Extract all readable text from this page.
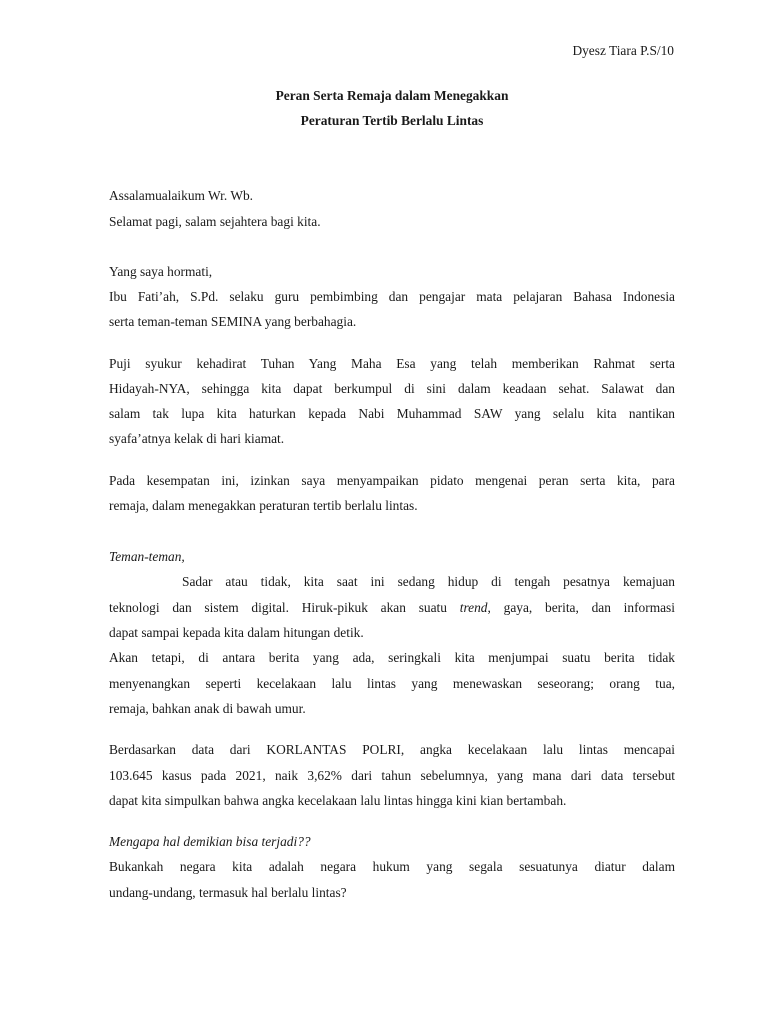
Dyesz Tiara P.S/10
Peran Serta Remaja dalam Menegakkan
Peraturan Tertib Berlalu Lintas
Assalamualaikum Wr. Wb.
Selamat pagi, salam sejahtera bagi kita.
Yang saya hormati,
Ibu Fati’ah, S.Pd. selaku guru pembimbing dan pengajar mata pelajaran Bahasa Indonesia
serta teman-teman SEMINA yang berbahagia.
Puji syukur kehadirat Tuhan Yang Maha Esa yang telah memberikan Rahmat serta
Hidayah-NYA, sehingga kita dapat berkumpul di sini dalam keadaan sehat. Salawat dan
salam tak lupa kita haturkan kepada Nabi Muhammad SAW yang selalu kita nantikan
syafa’atnya kelak di hari kiamat.
Pada kesempatan ini, izinkan saya menyampaikan pidato mengenai peran serta kita, para
remaja, dalam menegakkan peraturan tertib berlalu lintas.
Teman-teman,
Sadar atau tidak, kita saat ini sedang hidup di tengah pesatnya kemajuan
teknologi dan sistem digital. Hiruk-pikuk akan suatu trend, gaya, berita, dan informasi
dapat sampai kepada kita dalam hitungan detik.
Akan tetapi, di antara berita yang ada, seringkali kita menjumpai suatu berita tidak
menyenangkan seperti kecelakaan lalu lintas yang menewaskan seseorang; orang tua,
remaja, bahkan anak di bawah umur.
Berdasarkan data dari KORLANTAS POLRI, angka kecelakaan lalu lintas mencapai
103.645 kasus pada 2021, naik 3,62% dari tahun sebelumnya, yang mana dari data tersebut
dapat kita simpulkan bahwa angka kecelakaan lalu lintas hingga kini kian bertambah.
Mengapa hal demikian bisa terjadi??
Bukankah negara kita adalah negara hukum yang segala sesuatunya diatur dalam
undang-undang, termasuk hal berlalu lintas?
